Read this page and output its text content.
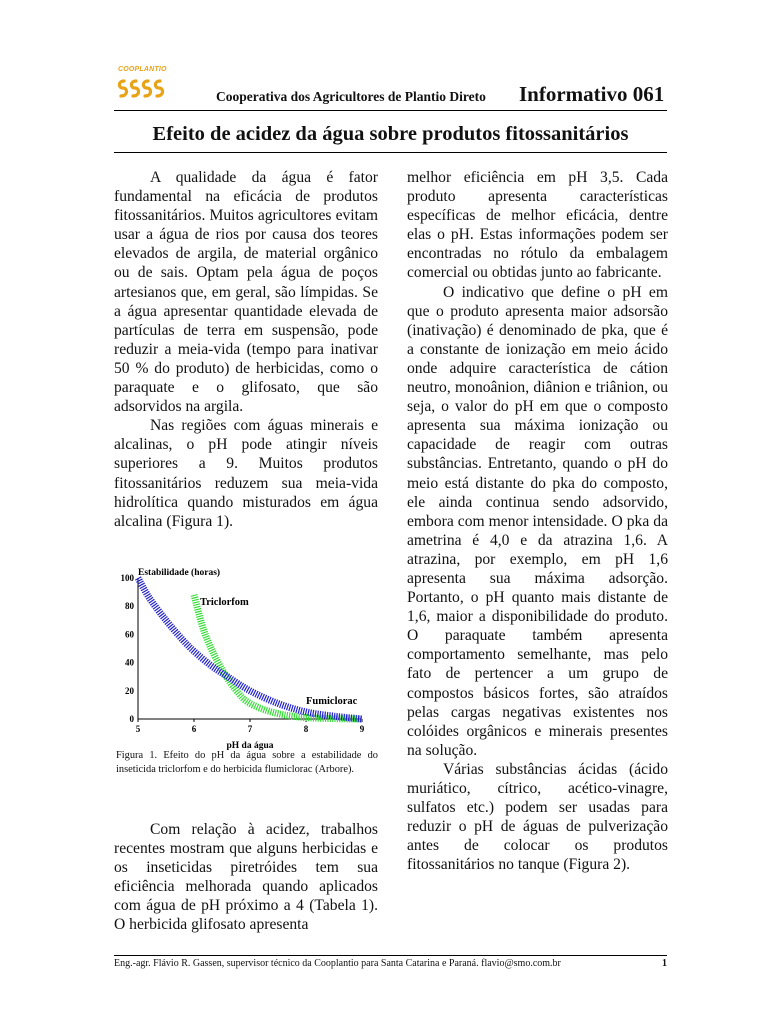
COOPLANTIO
Cooperativa dos Agricultores de Plantio Direto Informativo 061
Efeito de acidez da água sobre produtos fitossanitários

A qualidade da água é fator fundamental na eficácia de produtos fitossanitários. Muitos agricultores evitam usar a água de rios por causa dos teores elevados de argila, de material orgânico ou de sais. Optam pela água de poços artesianos que, em geral, são límpidas. Se a água apresentar quantidade elevada de partículas de terra em suspensão, pode reduzir a meia-vida (tempo para inativar 50 % do produto) de herbicidas, como o paraquate e o glifosato, que são adsorvidos na argila.

Nas regiões com águas minerais e alcalinas, o pH pode atingir níveis superiores a 9. Muitos produtos fitossanitários reduzem sua meia-vida hidrolítica quando misturados em água alcalina (Figura 1).

Estabilidade (horas)
0
20
40
60
80
100
5	6	7	8	9
Triclorfom
Fumiclorac
pH da água
Figura 1. Efeito do pH da água sobre a estabilidade do inseticida triclorfom e do herbicida flumiclorac (Arbore).

Com relação à acidez, trabalhos recentes mostram que alguns herbicidas e os inseticidas piretróides tem sua eficiência melhorada quando aplicados com água de pH próximo a 4 (Tabela 1). O herbicida glifosato apresenta

melhor eficiência em pH 3,5. Cada produto apresenta características específicas de melhor eficácia, dentre elas o pH. Estas informações podem ser encontradas no rótulo da embalagem comercial ou obtidas junto ao fabricante.

O indicativo que define o pH em que o produto apresenta maior adsorsão (inativação) é denominado de pka, que é a constante de ionização em meio ácido onde adquire característica de cátion neutro, monoânion, diânion e triânion, ou seja, o valor do pH em que o composto apresenta sua máxima ionização ou capacidade de reagir com outras substâncias. Entretanto, quando o pH do meio está distante do pka do composto, ele ainda continua sendo adsorvido, embora com menor intensidade. O pka da ametrina é 4,0 e da atrazina 1,6. A atrazina, por exemplo, em pH 1,6 apresenta sua máxima adsorção. Portanto, o pH quanto mais distante de 1,6, maior a disponibilidade do produto. O paraquate também apresenta comportamento semelhante, mas pelo fato de pertencer a um grupo de compostos básicos fortes, são atraídos pelas cargas negativas existentes nos colóides orgânicos e minerais presentes na solução.

Várias substâncias ácidas (ácido muriático, cítrico, acético-vinagre, sulfatos etc.) podem ser usadas para reduzir o pH de águas de pulverização antes de colocar os produtos fitossanitários no tanque (Figura 2).

Eng.-agr. Flávio R. Gassen, supervisor técnico da Cooplantio para Santa Catarina e Paraná. flavio@smo.com.br	1
